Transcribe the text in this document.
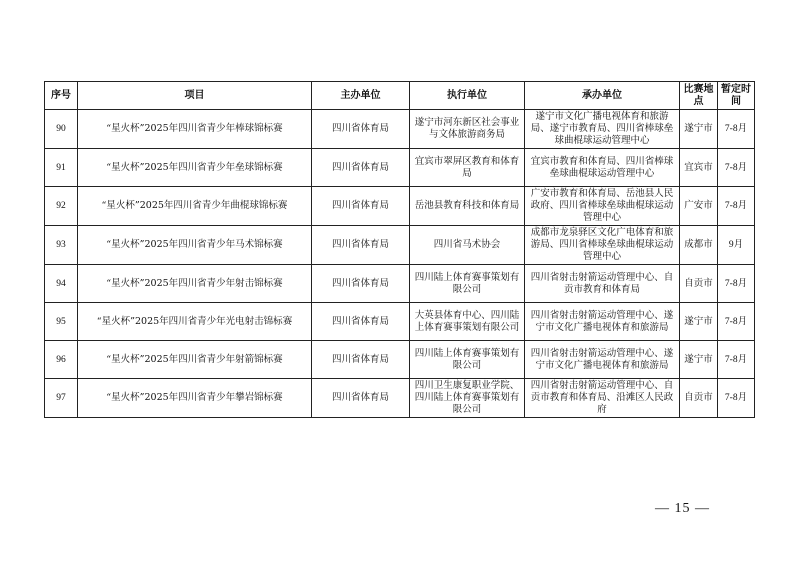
序号	项目	主办单位	执行单位	承办单位	比赛地点	暂定时间
90	“星火杯”2025年四川省青少年棒球锦标赛	四川省体育局	遂宁市河东新区社会事业与文体旅游商务局	遂宁市文化广播电视体育和旅游局、遂宁市教育局、四川省棒球垒球曲棍球运动管理中心	遂宁市	7-8月
91	“星火杯”2025年四川省青少年垒球锦标赛	四川省体育局	宜宾市翠屏区教育和体育局	宜宾市教育和体育局、四川省棒球垒球曲棍球运动管理中心	宜宾市	7-8月
92	“星火杯”2025年四川省青少年曲棍球锦标赛	四川省体育局	岳池县教育科技和体育局	广安市教育和体育局、岳池县人民政府、四川省棒球垒球曲棍球运动管理中心	广安市	7-8月
93	“星火杯”2025年四川省青少年马术锦标赛	四川省体育局	四川省马术协会	成都市龙泉驿区文化广电体育和旅游局、四川省棒球垒球曲棍球运动管理中心	成都市	9月
94	“星火杯”2025年四川省青少年射击锦标赛	四川省体育局	四川陆上体育赛事策划有限公司	四川省射击射箭运动管理中心、自贡市教育和体育局	自贡市	7-8月
95	“星火杯”2025年四川省青少年光电射击锦标赛	四川省体育局	大英县体育中心、四川陆上体育赛事策划有限公司	四川省射击射箭运动管理中心、遂宁市文化广播电视体育和旅游局	遂宁市	7-8月
96	“星火杯”2025年四川省青少年射箭锦标赛	四川省体育局	四川陆上体育赛事策划有限公司	四川省射击射箭运动管理中心、遂宁市文化广播电视体育和旅游局	遂宁市	7-8月
97	“星火杯”2025年四川省青少年攀岩锦标赛	四川省体育局	四川卫生康复职业学院、四川陆上体育赛事策划有限公司	四川省射击射箭运动管理中心、自贡市教育和体育局、沿滩区人民政府	自贡市	7-8月
— 15 —
